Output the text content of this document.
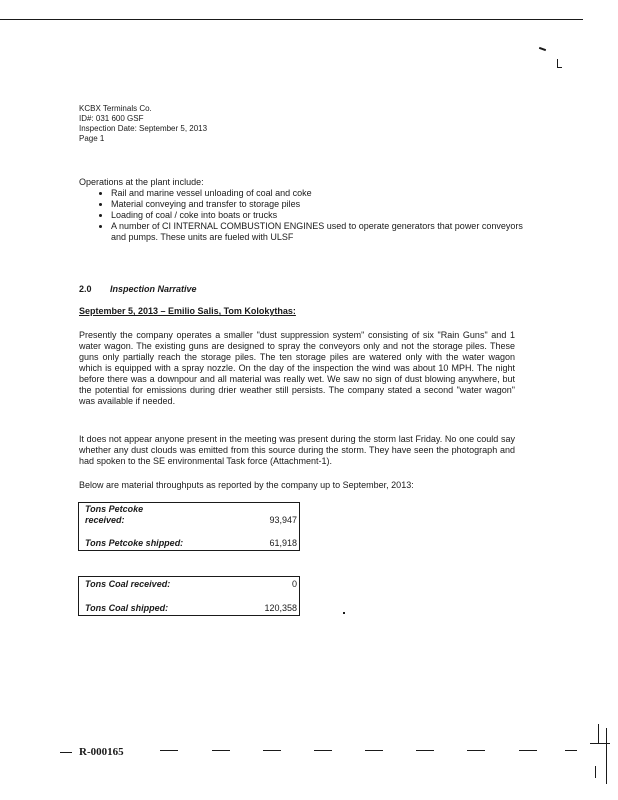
KCBX Terminals Co.
ID#: 031 600 GSF
Inspection Date: September 5, 2013
Page 1
Operations at the plant include:
• Rail and marine vessel unloading of coal and coke
• Material conveying and transfer to storage piles
• Loading of coal / coke into boats or trucks
• A number of CI INTERNAL COMBUSTION ENGINES used to operate generators that power conveyors and pumps. These units are fueled with ULSF
2.0 Inspection Narrative
September 5, 2013 – Emilio Salis, Tom Kolokythas:
Presently the company operates a smaller "dust suppression system" consisting of six "Rain Guns" and 1 water wagon. The existing guns are designed to spray the conveyors only and not the storage piles. These guns only partially reach the storage piles. The ten storage piles are watered only with the water wagon which is equipped with a spray nozzle. On the day of the inspection the wind was about 10 MPH. The night before there was a downpour and all material was really wet. We saw no sign of dust blowing anywhere, but the potential for emissions during drier weather still persists. The company stated a second "water wagon" was available if needed.
It does not appear anyone present in the meeting was present during the storm last Friday. No one could say whether any dust clouds was emitted from this source during the storm. They have seen the photograph and had spoken to the SE environmental Task force (Attachment-1).
Below are material throughputs as reported by the company up to September, 2013:
Tons Petcoke received:	93,947
Tons Petcoke shipped:	61,918
Tons Coal received:	0
Tons Coal shipped:	120,358
R-000165
